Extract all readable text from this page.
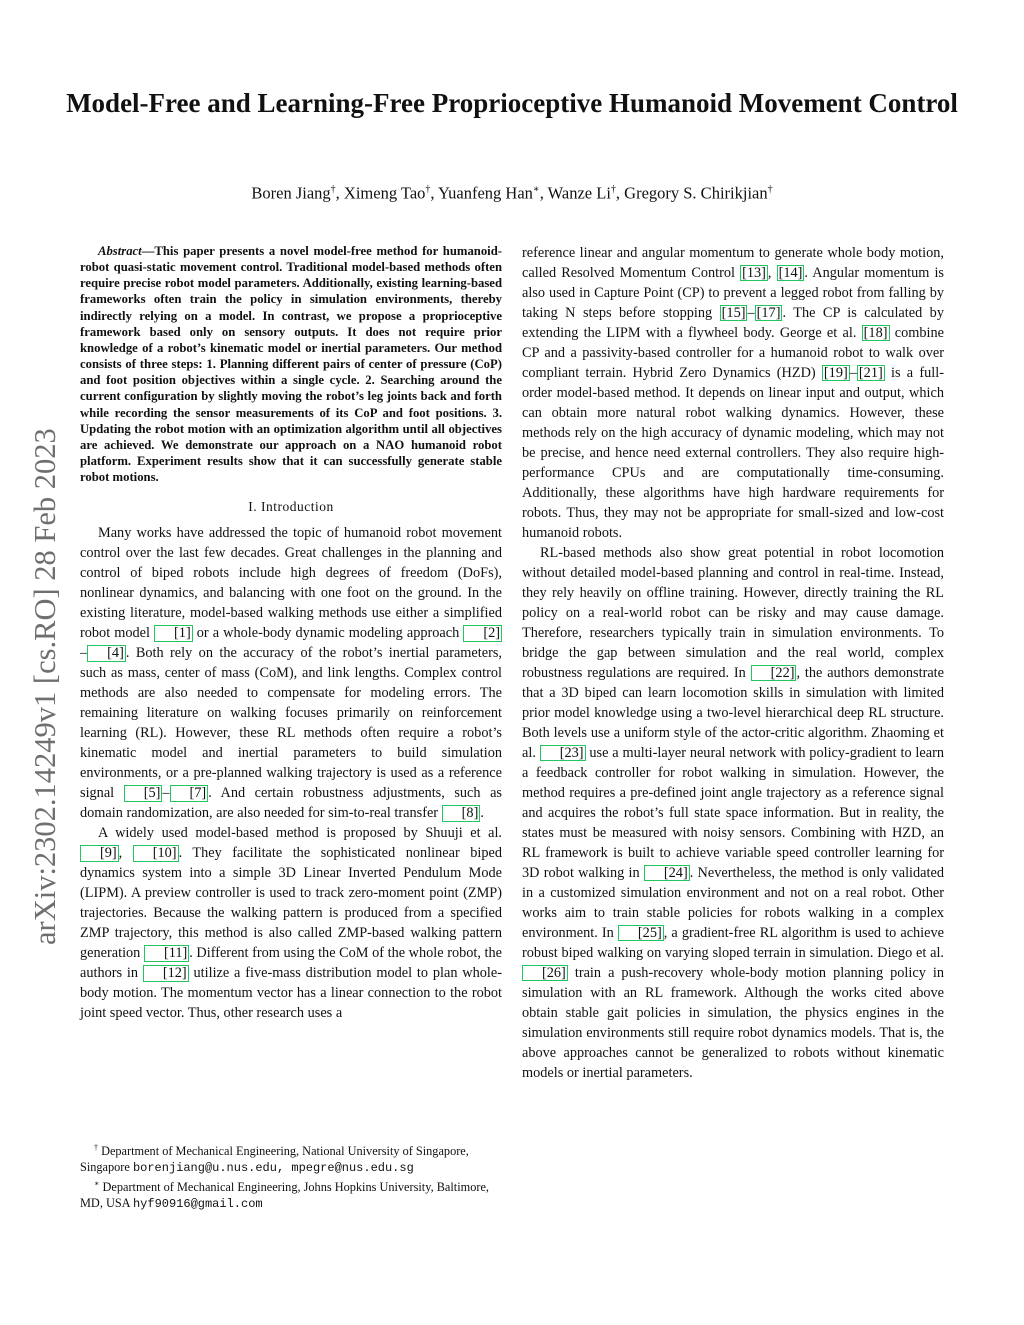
Model-Free and Learning-Free Proprioceptive Humanoid Movement Control
Boren Jiang†, Ximeng Tao†, Yuanfeng Han∗, Wanze Li†, Gregory S. Chirikjian†
arXiv:2302.14249v1 [cs.RO] 28 Feb 2023

Abstract—This paper presents a novel model-free method for humanoid-robot quasi-static movement control. Traditional model-based methods often require precise robot model parameters. Additionally, existing learning-based frameworks often train the policy in simulation environments, thereby indirectly relying on a model. In contrast, we propose a proprioceptive framework based only on sensory outputs. It does not require prior knowledge of a robot’s kinematic model or inertial parameters. Our method consists of three steps: 1. Planning different pairs of center of pressure (CoP) and foot position objectives within a single cycle. 2. Searching around the current configuration by slightly moving the robot’s leg joints back and forth while recording the sensor measurements of its CoP and foot positions. 3. Updating the robot motion with an optimization algorithm until all objectives are achieved. We demonstrate our approach on a NAO humanoid robot platform. Experiment results show that it can successfully generate stable robot motions.

I. Introduction

Many works have addressed the topic of humanoid robot movement control over the last few decades. Great challenges in the planning and control of biped robots include high degrees of freedom (DoFs), nonlinear dynamics, and balancing with one foot on the ground. In the existing literature, model-based walking methods use either a simplified robot model [1] or a whole-body dynamic modeling approach [2]– [4] . Both rely on the accuracy of the robot’s inertial parameters, such as mass, center of mass (CoM), and link lengths. Complex control methods are also needed to compensate for modeling errors. The remaining literature on walking focuses primarily on reinforcement learning (RL). However, these RL methods often require a robot’s kinematic model and inertial parameters to build simulation environments, or a pre-planned walking trajectory is used as a reference signal [5] – [7] . And certain robustness adjustments, such as domain randomization, are also needed for sim-to-real transfer [8] .

A widely used model-based method is proposed by Shuuji et al. [9] , [10] . They facilitate the sophisticated nonlinear biped dynamics system into a simple 3D Linear Inverted Pendulum Mode (LIPM). A preview controller is used to track zero-moment point (ZMP) trajectories. Because the walking pattern is produced from a specified ZMP trajectory, this method is also called ZMP-based walking pattern generation [11] . Different from using the CoM of the whole robot, the authors in [12] utilize a five-mass distribution model to plan whole-body motion. The momentum vector has a linear connection to the robot joint speed vector. Thus, other research uses a

reference linear and angular momentum to generate whole body motion, called Resolved Momentum Control [13] , [14] . Angular momentum is also used in Capture Point (CP) to prevent a legged robot from falling by taking N steps before stopping [15] – [17] . The CP is calculated by extending the LIPM with a flywheel body. George et al. [18] combine CP and a passivity-based controller for a humanoid robot to walk over compliant terrain. Hybrid Zero Dynamics (HZD) [19] – [21] is a full-order model-based method. It depends on linear input and output, which can obtain more natural robot walking dynamics. However, these methods rely on the high accuracy of dynamic modeling, which may not be precise, and hence need external controllers. They also require high-performance CPUs and are computationally time-consuming. Additionally, these algorithms have high hardware requirements for robots. Thus, they may not be appropriate for small-sized and low-cost humanoid robots.

RL-based methods also show great potential in robot locomotion without detailed model-based planning and control in real-time. Instead, they rely heavily on offline training. However, directly training the RL policy on a real-world robot can be risky and may cause damage. Therefore, researchers typically train in simulation environments. To bridge the gap between simulation and the real world, complex robustness regulations are required. In [22] , the authors demonstrate that a 3D biped can learn locomotion skills in simulation with limited prior model knowledge using a two-level hierarchical deep RL structure. Both levels use a uniform style of the actor-critic algorithm. Zhaoming et al. [23] use a multi-layer neural network with policy-gradient to learn a feedback controller for robot walking in simulation. However, the method requires a pre-defined joint angle trajectory as a reference signal and acquires the robot’s full state space information. But in reality, the states must be measured with noisy sensors. Combining with HZD, an RL framework is built to achieve variable speed controller learning for 3D robot walking in [24] . Nevertheless, the method is only validated in a customized simulation environment and not on a real robot. Other works aim to train stable policies for robots walking in a complex environment. In [25] , a gradient-free RL algorithm is used to achieve robust biped walking on varying sloped terrain in simulation. Diego et al. [26] train a push-recovery whole-body motion planning policy in simulation with an RL framework. Although the works cited above obtain stable gait policies in simulation, the physics engines in the simulation environments still require robot dynamics models. That is, the above approaches cannot be generalized to robots without kinematic models or inertial parameters.

† Department of Mechanical Engineering, National University of Singapore, Singapore borenjiang@u.nus.edu, mpegre@nus.edu.sg

∗ Department of Mechanical Engineering, Johns Hopkins University, Baltimore, MD, USA hyf90916@gmail.com
